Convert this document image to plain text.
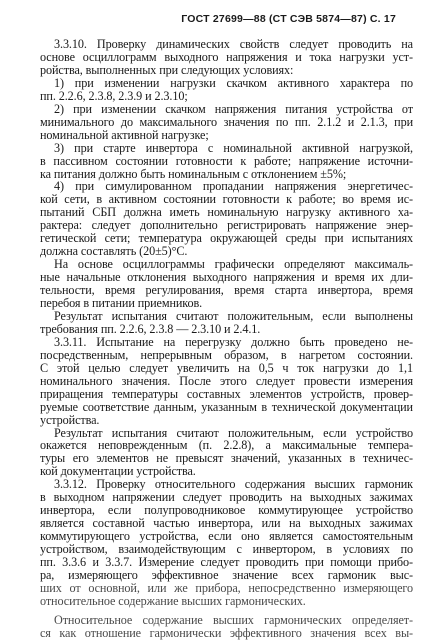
ГОСТ 27699—88 (СТ СЭВ 5874—87) С. 17
3.3.10. Проверку динамических свойств следует проводить на
основе осциллограмм выходного напряжения и тока нагрузки уст-
ройства, выполненных при следующих условиях:
1) при изменении нагрузки скачком активного характера по
пп. 2.2.6, 2.3.8, 2.3.9 и 2.3.10;
2) при изменении скачком напряжения питания устройства от
минимального до максимального значения по пп. 2.1.2 и 2.1.3, при
номинальной активной нагрузке;
3) при старте инвертора с номинальной активной нагрузкой,
в пассивном состоянии готовности к работе; напряжение источни-
ка питания должно быть номинальным с отклонением ±5%;
4) при симулированном пропадании напряжения энергетичес-
кой сети, в активном состоянии готовности к работе; во время ис-
пытаний СБП должна иметь номинальную нагрузку активного ха-
рактера: следует дополнительно регистрировать напряжение энер-
гетической сети; температура окружающей среды при испытаниях
должна составлять (20±5)°С.
На основе осциллограммы графически определяют максималь-
ные начальные отклонения выходного напряжения и время их дли-
тельности, время регулирования, время старта инвертора, время
перебоя в питании приемников.
Результат испытания считают положительным, если выполнены
требования пп. 2.2.6, 2.3.8 — 2.3.10 и 2.4.1.
3.3.11. Испытание на перегрузку должно быть проведено не-
посредственным, непрерывным образом, в нагретом состоянии.
С этой целью следует увеличить на 0,5 ч ток нагрузки до 1,1
номинального значения. После этого следует провести измерения
приращения температуры составных элементов устройств, провер-
руемые соответствие данным, указанным в технической документации
устройства.
Результат испытания считают положительным, если устройство
окажется неповрежденным (п. 2.2.8), а максимальные темпера-
туры его элементов не превысят значений, указанных в техничес-
кой документации устройства.
3.3.12. Проверку относительного содержания высших гармоник
в выходном напряжении следует проводить на выходных зажимах
инвертора, если полупроводниковое коммутирующее устройство
является составной частью инвертора, или на выходных зажимах
коммутирующего устройства, если оно является самостоятельным
устройством, взаимодействующим с инвертором, в условиях по
пп. 3.3.6 и 3.3.7. Измерение следует проводить при помощи прибо-
ра, измеряющего эффективное значение всех гармоник выс-
ших от основной, или же прибора, непосредственно измеряющего
относительное содержание высших гармонических.
Относительное содержание высших гармонических определяет-
ся как отношение гармонически эффективного значения всех вы-
